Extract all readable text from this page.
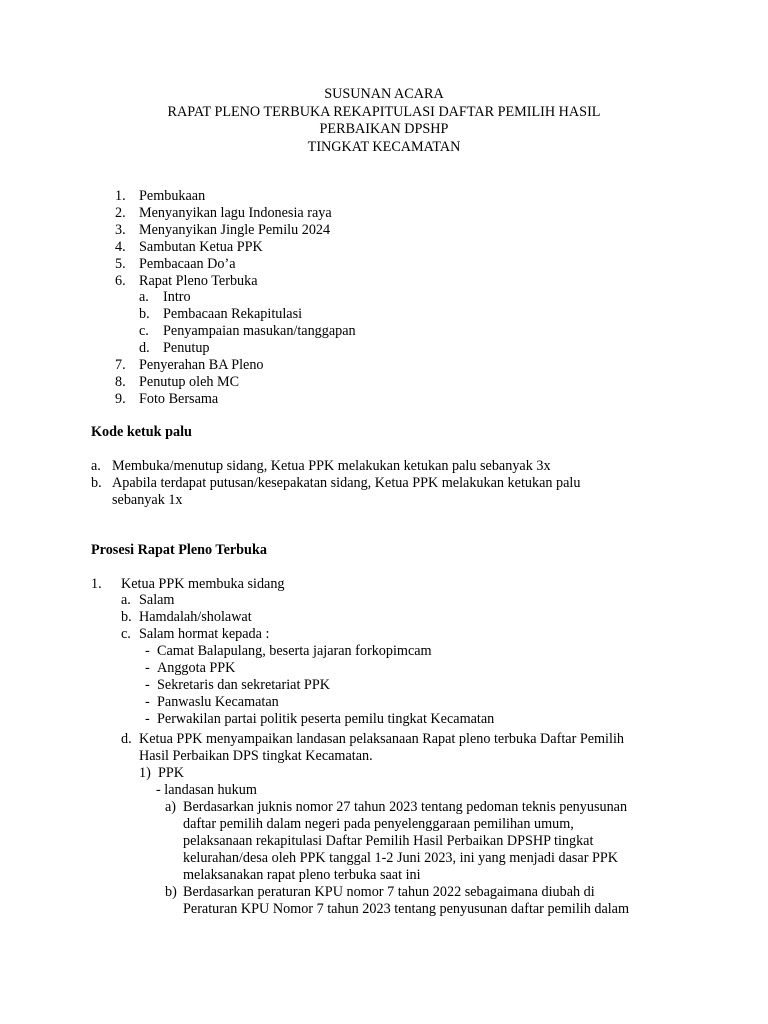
SUSUNAN ACARA
RAPAT PLENO TERBUKA REKAPITULASI DAFTAR PEMILIH HASIL
PERBAIKAN DPSHP
TINGKAT KECAMATAN
1. Pembukaan
2. Menyanyikan lagu Indonesia raya
3. Menyanyikan Jingle Pemilu 2024
4. Sambutan Ketua PPK
5. Pembacaan Do’a
6. Rapat Pleno Terbuka
a. Intro
b. Pembacaan Rekapitulasi
c. Penyampaian masukan/tanggapan
d. Penutup
7. Penyerahan BA Pleno
8. Penutup oleh MC
9. Foto Bersama
Kode ketuk palu
a. Membuka/menutup sidang, Ketua PPK melakukan ketukan palu sebanyak 3x
b. Apabila terdapat putusan/kesepakatan sidang, Ketua PPK melakukan ketukan palu
sebanyak 1x
Prosesi Rapat Pleno Terbuka
1. Ketua PPK membuka sidang
a. Salam
b. Hamdalah/sholawat
c. Salam hormat kepada :
- Camat Balapulang, beserta jajaran forkopimcam
- Anggota PPK
- Sekretaris dan sekretariat PPK
- Panwaslu Kecamatan
- Perwakilan partai politik peserta pemilu tingkat Kecamatan
d. Ketua PPK menyampaikan landasan pelaksanaan Rapat pleno terbuka Daftar Pemilih
Hasil Perbaikan DPS tingkat Kecamatan.
1) PPK
- landasan hukum
a) Berdasarkan juknis nomor 27 tahun 2023 tentang pedoman teknis penyusunan
daftar pemilih dalam negeri pada penyelenggaraan pemilihan umum,
pelaksanaan rekapitulasi Daftar Pemilih Hasil Perbaikan DPSHP tingkat
kelurahan/desa oleh PPK tanggal 1-2 Juni 2023, ini yang menjadi dasar PPK
melaksanakan rapat pleno terbuka saat ini
b) Berdasarkan peraturan KPU nomor 7 tahun 2022 sebagaimana diubah di
Peraturan KPU Nomor 7 tahun 2023 tentang penyusunan daftar pemilih dalam
